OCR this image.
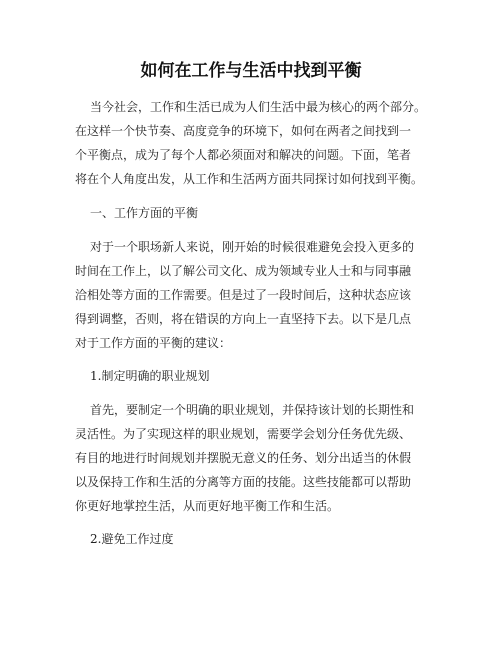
如何在工作与生活中找到平衡
当今社会，工作和生活已成为人们生活中最为核心的两个部分。
在这样一个快节奏、高度竞争的环境下，如何在两者之间找到一
个平衡点，成为了每个人都必须面对和解决的问题。下面，笔者
将在个人角度出发，从工作和生活两方面共同探讨如何找到平衡。
一、工作方面的平衡
对于一个职场新人来说，刚开始的时候很难避免会投入更多的
时间在工作上，以了解公司文化、成为领域专业人士和与同事融
洽相处等方面的工作需要。但是过了一段时间后，这种状态应该
得到调整，否则，将在错误的方向上一直坚持下去。以下是几点
对于工作方面的平衡的建议：
1.制定明确的职业规划
首先，要制定一个明确的职业规划，并保持该计划的长期性和
灵活性。为了实现这样的职业规划，需要学会划分任务优先级、
有目的地进行时间规划并摆脱无意义的任务、划分出适当的休假
以及保持工作和生活的分离等方面的技能。这些技能都可以帮助
你更好地掌控生活，从而更好地平衡工作和生活。
2.避免工作过度
